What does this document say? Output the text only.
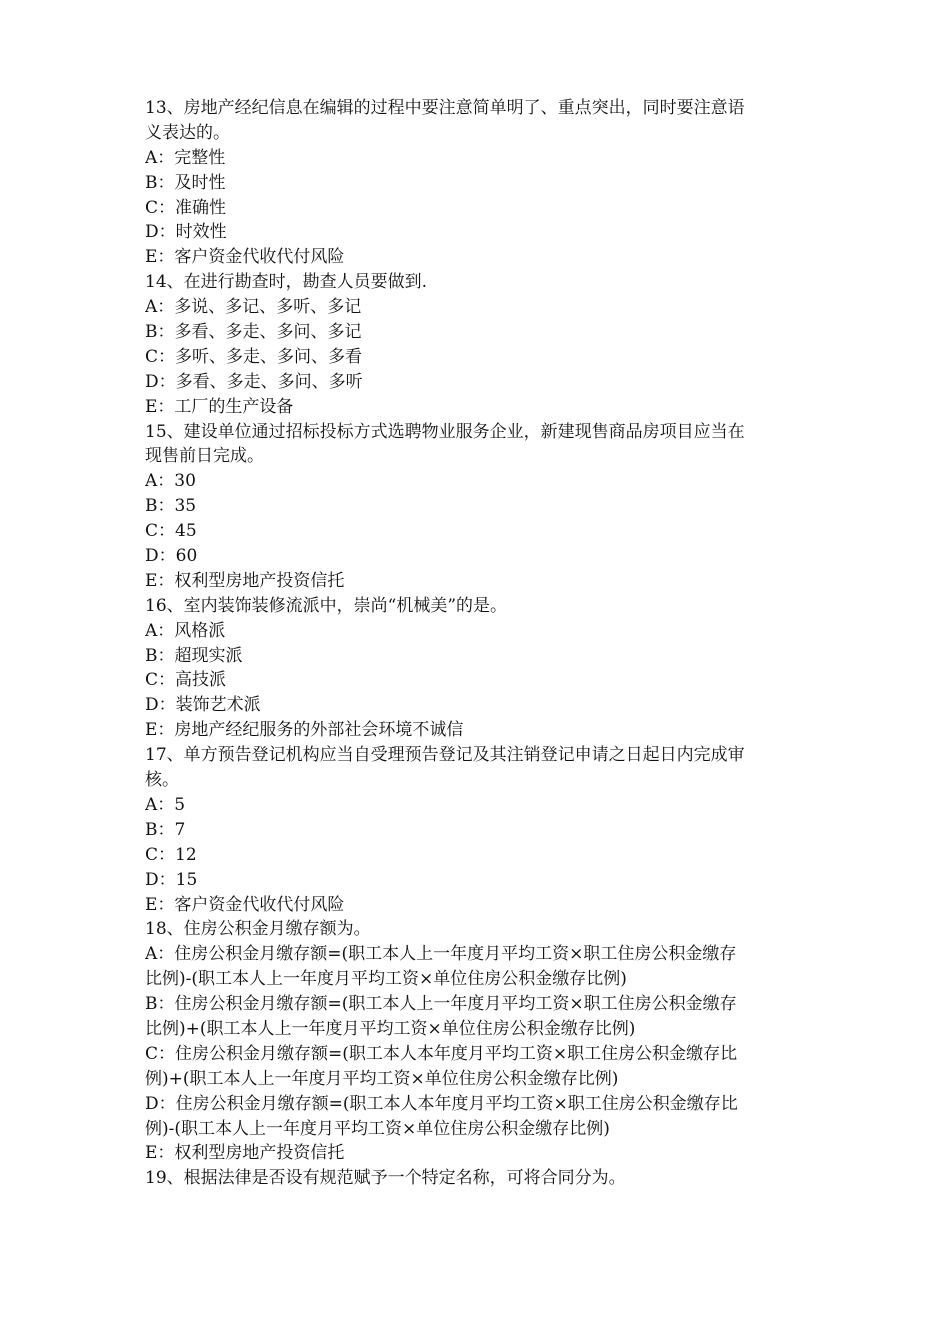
13、房地产经纪信息在编辑的过程中要注意简单明了、重点突出，同时要注意语
义表达的。
A：完整性
B：及时性
C：准确性
D：时效性
E：客户资金代收代付风险
14、在进行勘查时，勘查人员要做到.
A：多说、多记、多听、多记
B：多看、多走、多问、多记
C：多听、多走、多问、多看
D：多看、多走、多问、多听
E：工厂的生产设备
15、建设单位通过招标投标方式选聘物业服务企业，新建现售商品房项目应当在
现售前日完成。
A：30
B：35
C：45
D：60
E：权利型房地产投资信托
16、室内装饰装修流派中，崇尚“机械美”的是。
A：风格派
B：超现实派
C：高技派
D：装饰艺术派
E：房地产经纪服务的外部社会环境不诚信
17、单方预告登记机构应当自受理预告登记及其注销登记申请之日起日内完成审
核。
A：5
B：7
C：12
D：15
E：客户资金代收代付风险
18、住房公积金月缴存额为。
A：住房公积金月缴存额=(职工本人上一年度月平均工资×职工住房公积金缴存
比例)-(职工本人上一年度月平均工资×单位住房公积金缴存比例)
B：住房公积金月缴存额=(职工本人上一年度月平均工资×职工住房公积金缴存
比例)+(职工本人上一年度月平均工资×单位住房公积金缴存比例)
C：住房公积金月缴存额=(职工本人本年度月平均工资×职工住房公积金缴存比
例)+(职工本人上一年度月平均工资×单位住房公积金缴存比例)
D：住房公积金月缴存额=(职工本人本年度月平均工资×职工住房公积金缴存比
例)-(职工本人上一年度月平均工资×单位住房公积金缴存比例)
E：权利型房地产投资信托
19、根据法律是否设有规范赋予一个特定名称，可将合同分为。
